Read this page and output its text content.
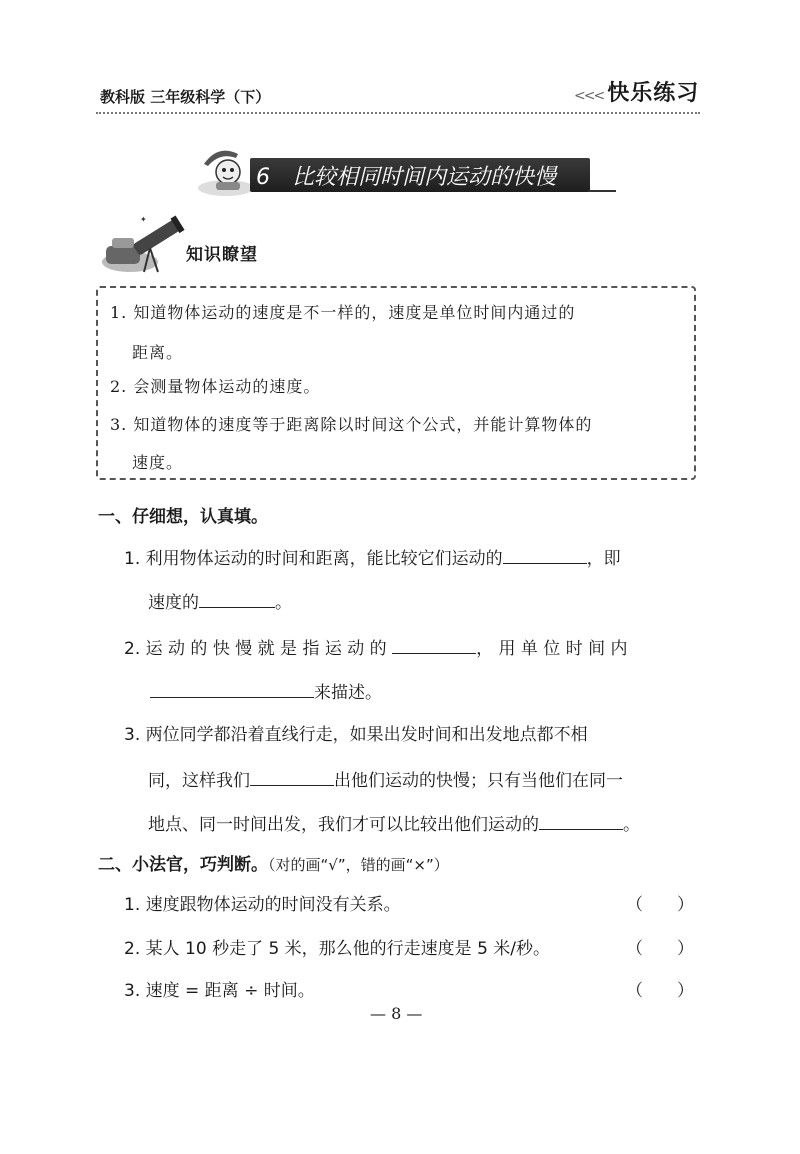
教科版 三年级科学（下）	<<< 快乐练习
6 比较相同时间内运动的快慢
✦
知识瞭望
1. 知道物体运动的速度是不一样的，速度是单位时间内通过的
距离。
2. 会测量物体运动的速度。
3. 知道物体的速度等于距离除以时间这个公式，并能计算物体的
速度。
一、仔细想，认真填。
1. 利用物体运动的时间和距离，能比较它们运动的	，即
速度的	。
2. 运 动 的 快 慢 就 是 指 运 动 的	， 用 单 位 时 间 内
来描述。
3. 两位同学都沿着直线行走，如果出发时间和出发地点都不相
同，这样我们	出他们运动的快慢；只有当他们在同一
地点、同一时间出发，我们才可以比较出他们运动的	。
二、小法官，巧判断。（对的画“√”，错的画“×”）
1. 速度跟物体运动的时间没有关系。	（ ）
2. 某人 10 秒走了 5 米，那么他的行走速度是 5 米/秒。	（ ）
3. 速度 = 距离 ÷ 时间。	（ ）
— 8 —
